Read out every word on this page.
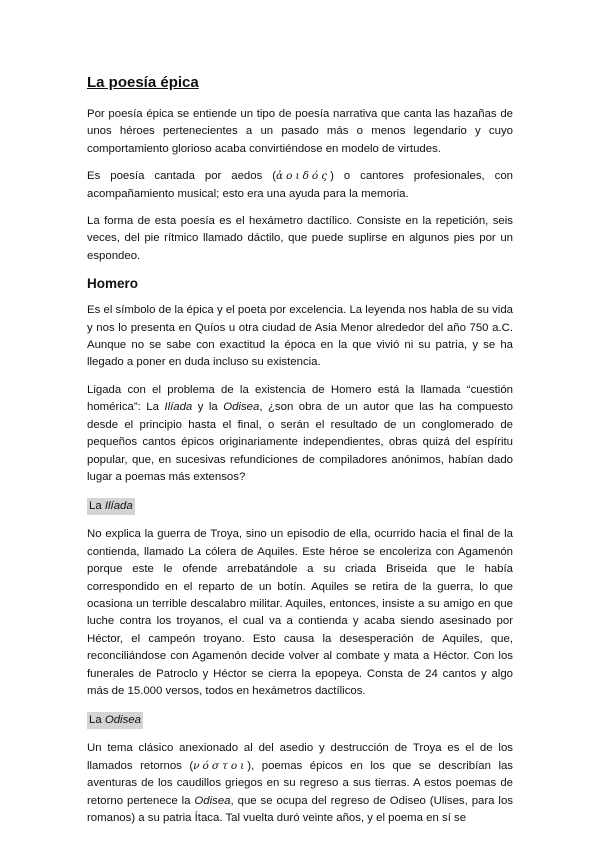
La poesía épica

Por poesía épica se entiende un tipo de poesía narrativa que canta las hazañas de unos héroes pertenecientes a un pasado más o menos legendario y cuyo comportamiento glorioso acaba convirtiéndose en modelo de virtudes.

Es poesía cantada por aedos (ἀοιδός) o cantores profesionales, con acompañamiento musical; esto era una ayuda para la memoria.

La forma de esta poesía es el hexámetro dactílico. Consiste en la repetición, seis veces, del pie rítmico llamado dáctilo, que puede suplirse en algunos pies por un espondeo.

Homero

Es el símbolo de la épica y el poeta por excelencia. La leyenda nos habla de su vida y nos lo presenta en Quíos u otra ciudad de Asia Menor alrededor del año 750 a.C. Aunque no se sabe con exactitud la época en la que vivió ni su patria, y se ha llegado a poner en duda incluso su existencia.

Ligada con el problema de la existencia de Homero está la llamada “cuestión homérica”: La Ilíada y la Odisea, ¿son obra de un autor que las ha compuesto desde el principio hasta el final, o serán el resultado de un conglomerado de pequeños cantos épicos originariamente independientes, obras quizá del espíritu popular, que, en sucesivas refundiciones de compiladores anónimos, habían dado lugar a poemas más extensos?

La Ilíada

No explica la guerra de Troya, sino un episodio de ella, ocurrido hacia el final de la contienda, llamado La cólera de Aquiles. Este héroe se encoleriza con Agamenón porque este le ofende arrebatándole a su criada Briseida que le había correspondido en el reparto de un botín. Aquiles se retira de la guerra, lo que ocasiona un terrible descalabro militar. Aquiles, entonces, insiste a su amigo en que luche contra los troyanos, el cual va a contienda y acaba siendo asesinado por Héctor, el campeón troyano. Esto causa la desesperación de Aquiles, que, reconciliándose con Agamenón decide volver al combate y mata a Héctor. Con los funerales de Patroclo y Héctor se cierra la epopeya. Consta de 24 cantos y algo más de 15.000 versos, todos en hexámetros dactílicos.

La Odisea

Un tema clásico anexionado al del asedio y destrucción de Troya es el de los llamados retornos (νόστοι), poemas épicos en los que se describían las aventuras de los caudillos griegos en su regreso a sus tierras. A estos poemas de retorno pertenece la Odisea, que se ocupa del regreso de Odiseo (Ulises, para los romanos) a su patria Ítaca. Tal vuelta duró veinte años, y el poema en sí se
